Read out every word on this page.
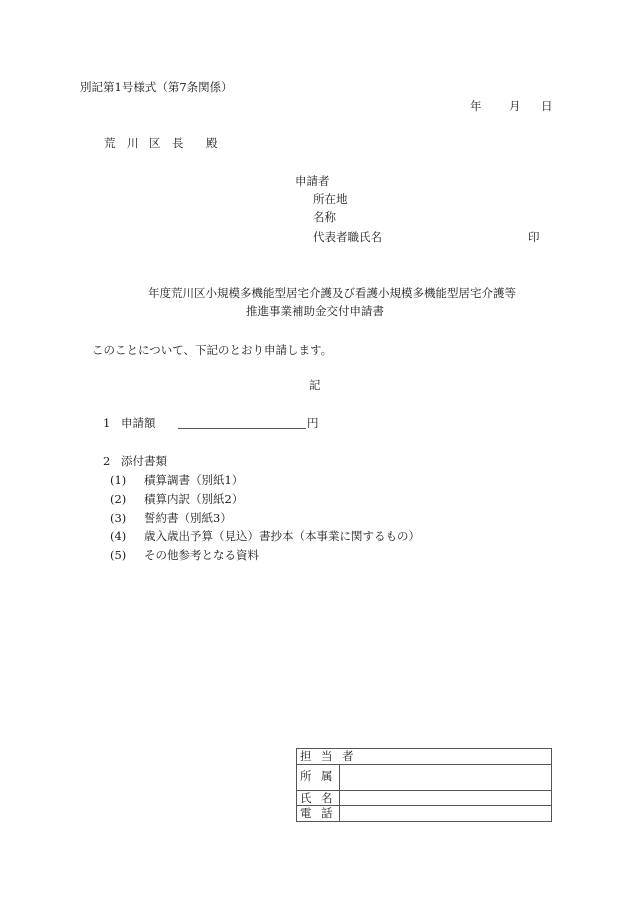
別記第1号様式（第7条関係）
年 月 日
荒 川 区 長 殿
申請者
所在地
名称
代表者職氏名	印
年度荒川区小規模多機能型居宅介護及び看護小規模多機能型居宅介護等
推進事業補助金交付申請書
このことについて、下記のとおり申請します。
記
1 申請額	円
2 添付書類
(1) 積算調書（別紙1）
(2) 積算内訳（別紙2）
(3) 誓約書（別紙3）
(4) 歳入歳出予算（見込）書抄本（本事業に関するもの）
(5) その他参考となる資料
担 当 者
所 属
氏 名
電 話
